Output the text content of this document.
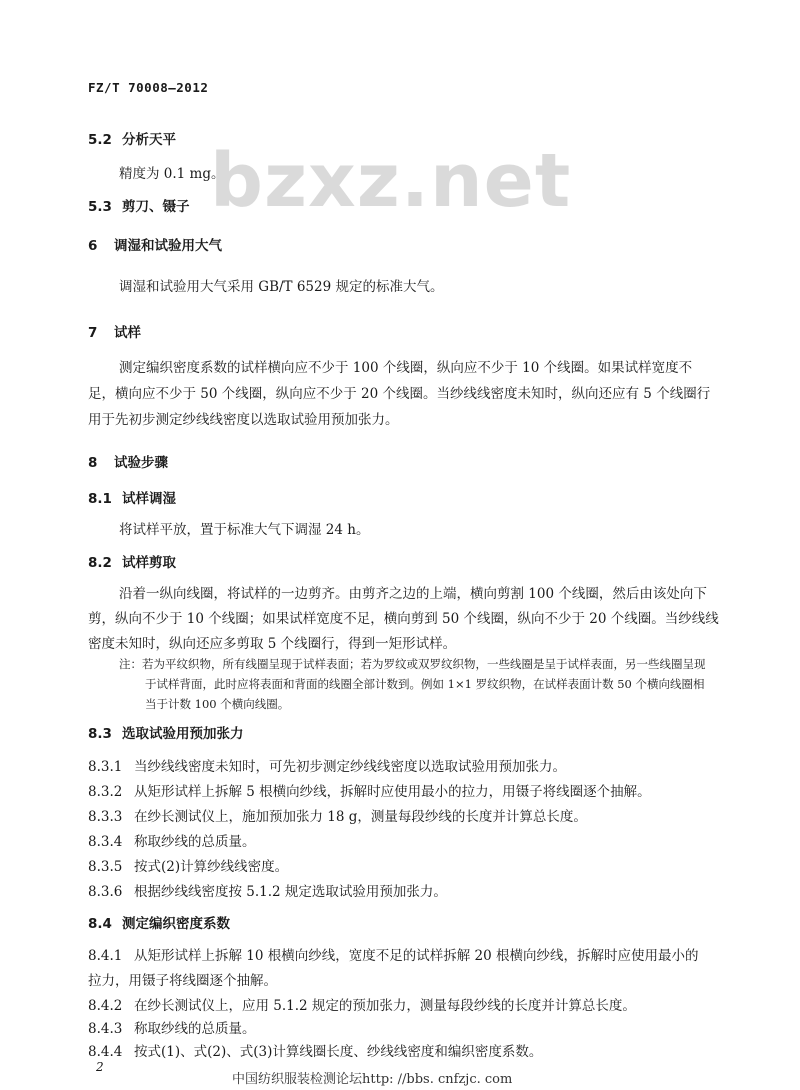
FZ/T 70008—2012
bzxz.net
5.2 分析天平
精度为 0.1 mg。
5.3 剪刀、镊子
6 调湿和试验用大气
调湿和试验用大气采用 GB/T 6529 规定的标准大气。
7 试样
测定编织密度系数的试样横向应不少于 100 个线圈，纵向应不少于 10 个线圈。如果试样宽度不
足，横向应不少于 50 个线圈，纵向应不少于 20 个线圈。当纱线线密度未知时，纵向还应有 5 个线圈行
用于先初步测定纱线线密度以选取试验用预加张力。
8 试验步骤
8.1 试样调湿
将试样平放，置于标准大气下调湿 24 h。
8.2 试样剪取
沿着一纵向线圈，将试样的一边剪齐。由剪齐之边的上端，横向剪割 100 个线圈，然后由该处向下
剪，纵向不少于 10 个线圈；如果试样宽度不足，横向剪到 50 个线圈，纵向不少于 20 个线圈。当纱线线
密度未知时，纵向还应多剪取 5 个线圈行，得到一矩形试样。
注：若为平纹织物，所有线圈呈现于试样表面；若为罗纹或双罗纹织物，一些线圈是呈于试样表面，另一些线圈呈现
于试样背面，此时应将表面和背面的线圈全部计数到。例如 1×1 罗纹织物，在试样表面计数 50 个横向线圈相
当于计数 100 个横向线圈。
8.3 选取试验用预加张力
8.3.1 当纱线线密度未知时，可先初步测定纱线线密度以选取试验用预加张力。
8.3.2 从矩形试样上拆解 5 根横向纱线，拆解时应使用最小的拉力，用镊子将线圈逐个抽解。
8.3.3 在纱长测试仪上，施加预加张力 18 g，测量每段纱线的长度并计算总长度。
8.3.4 称取纱线的总质量。
8.3.5 按式(2)计算纱线线密度。
8.3.6 根据纱线线密度按 5.1.2 规定选取试验用预加张力。
8.4 测定编织密度系数
8.4.1 从矩形试样上拆解 10 根横向纱线，宽度不足的试样拆解 20 根横向纱线，拆解时应使用最小的
拉力，用镊子将线圈逐个抽解。
8.4.2 在纱长测试仪上，应用 5.1.2 规定的预加张力，测量每段纱线的长度并计算总长度。
8.4.3 称取纱线的总质量。
8.4.4 按式(1)、式(2)、式(3)计算线圈长度、纱线线密度和编织密度系数。
2
中国纺织服装检测论坛http: //bbs. cnfzjc. com
